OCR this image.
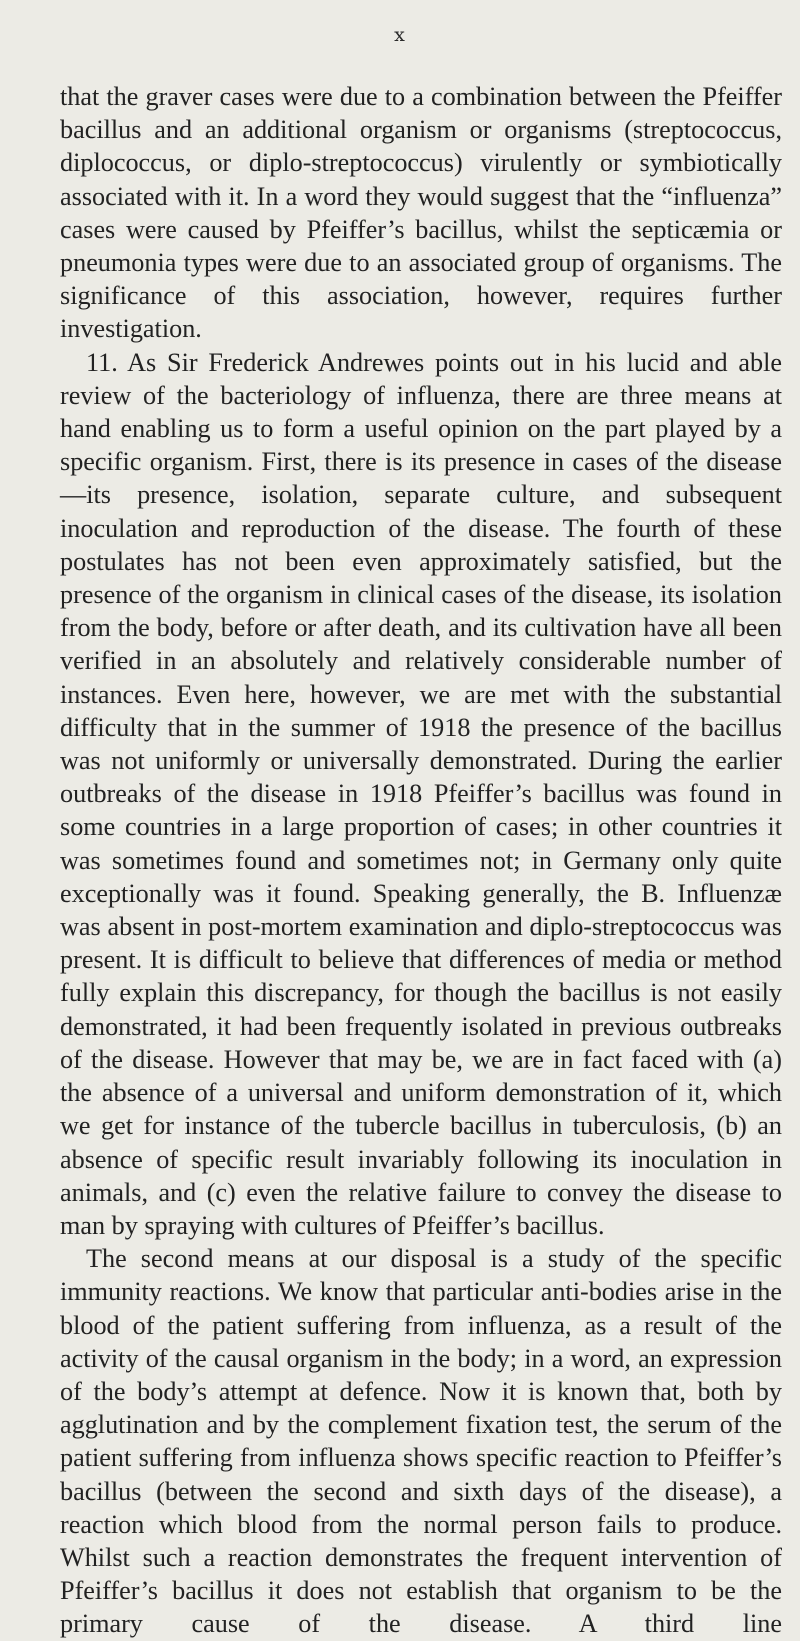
x

that the graver cases were due to a combination between the Pfeiffer bacillus and an additional organism or organisms (streptococcus, diplococcus, or diplo-streptococcus) virulently or symbiotically associated with it. In a word they would suggest that the “influenza” cases were caused by Pfeiffer’s bacillus, whilst the septicæmia or pneumonia types were due to an associated group of organisms. The significance of this association, however, requires further investigation.

11. As Sir Frederick Andrewes points out in his lucid and able review of the bacteriology of influenza, there are three means at hand enabling us to form a useful opinion on the part played by a specific organism. First, there is its presence in cases of the disease—its presence, isolation, separate culture, and subsequent inoculation and reproduction of the disease. The fourth of these postulates has not been even approximately satisfied, but the presence of the organism in clinical cases of the disease, its isolation from the body, before or after death, and its cultivation have all been verified in an absolutely and relatively considerable number of instances. Even here, however, we are met with the substantial difficulty that in the summer of 1918 the presence of the bacillus was not uniformly or universally demonstrated. During the earlier outbreaks of the disease in 1918 Pfeiffer’s bacillus was found in some countries in a large proportion of cases; in other countries it was sometimes found and sometimes not; in Germany only quite exceptionally was it found. Speaking generally, the B. Influenzæ was absent in post-mortem examination and diplo-streptococcus was present. It is difficult to believe that differences of media or method fully explain this discrepancy, for though the bacillus is not easily demonstrated, it had been frequently isolated in previous outbreaks of the disease. However that may be, we are in fact faced with (a) the absence of a universal and uniform demonstration of it, which we get for instance of the tubercle bacillus in tuberculosis, (b) an absence of specific result invariably following its inoculation in animals, and (c) even the relative failure to convey the disease to man by spraying with cultures of Pfeiffer’s bacillus.

The second means at our disposal is a study of the specific immunity reactions. We know that particular anti-bodies arise in the blood of the patient suffering from influenza, as a result of the activity of the causal organism in the body; in a word, an expression of the body’s attempt at defence. Now it is known that, both by agglutination and by the complement fixation test, the serum of the patient suffering from influenza shows specific reaction to Pfeiffer’s bacillus (between the second and sixth days of the disease), a reaction which blood from the normal person fails to produce. Whilst such a reaction demonstrates the frequent intervention of Pfeiffer’s bacillus it does not establish that organism to be the primary cause of the disease. A third line
